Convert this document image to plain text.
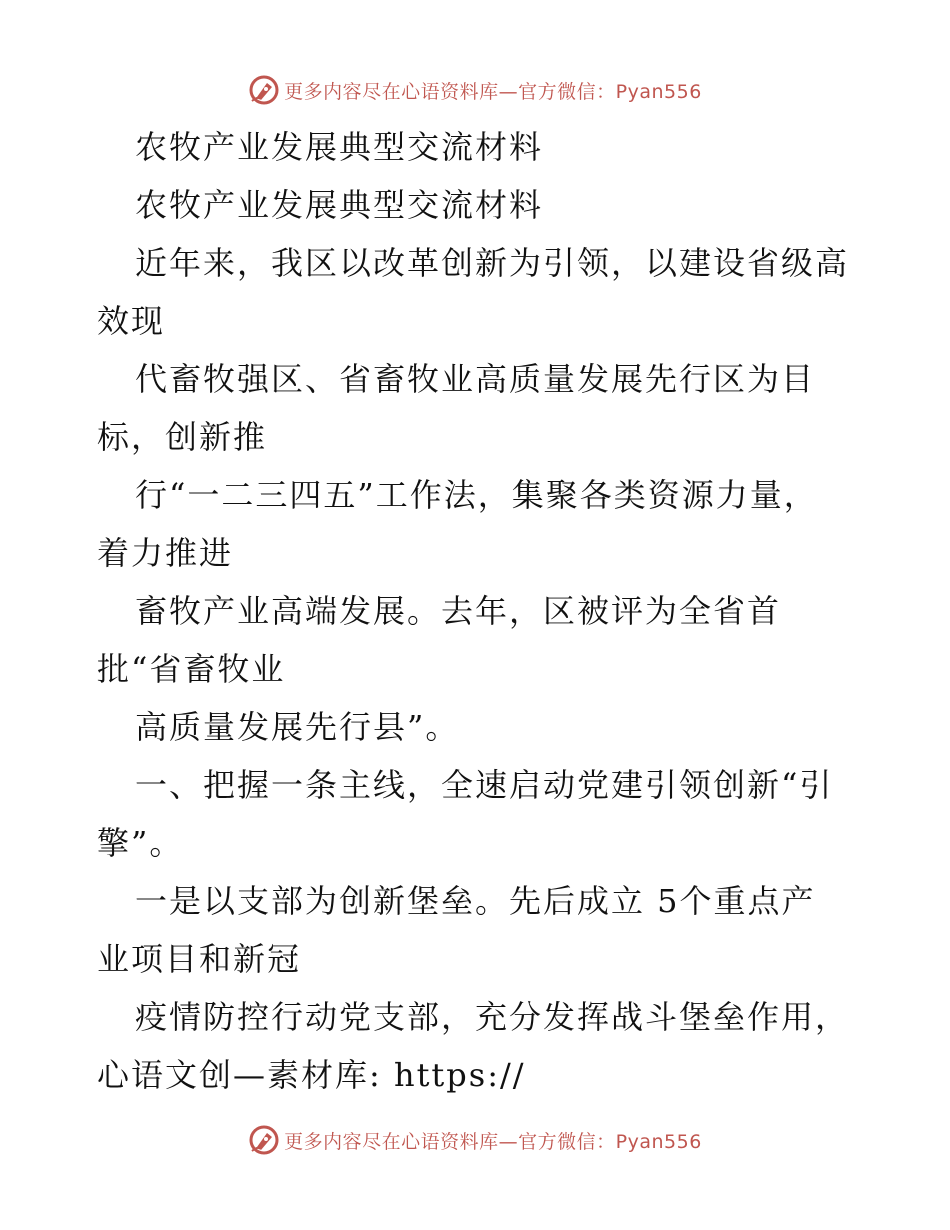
更多内容尽在心语资料库—官方微信：Pyan556
农牧产业发展典型交流材料
农牧产业发展典型交流材料
近年来，我区以改革创新为引领，以建设省级高
效现
代畜牧强区、省畜牧业高质量发展先行区为目
标，创新推
行“一二三四五”工作法，集聚各类资源力量，
着力推进
畜牧产业高端发展。去年，区被评为全省首
批“省畜牧业
高质量发展先行县”。
一、把握一条主线，全速启动党建引领创新“引
擎”。
一是以支部为创新堡垒。先后成立 5个重点产
业项目和新冠
疫情防控行动党支部，充分发挥战斗堡垒作用，
心语文创—素材库: https://
更多内容尽在心语资料库—官方微信：Pyan556
